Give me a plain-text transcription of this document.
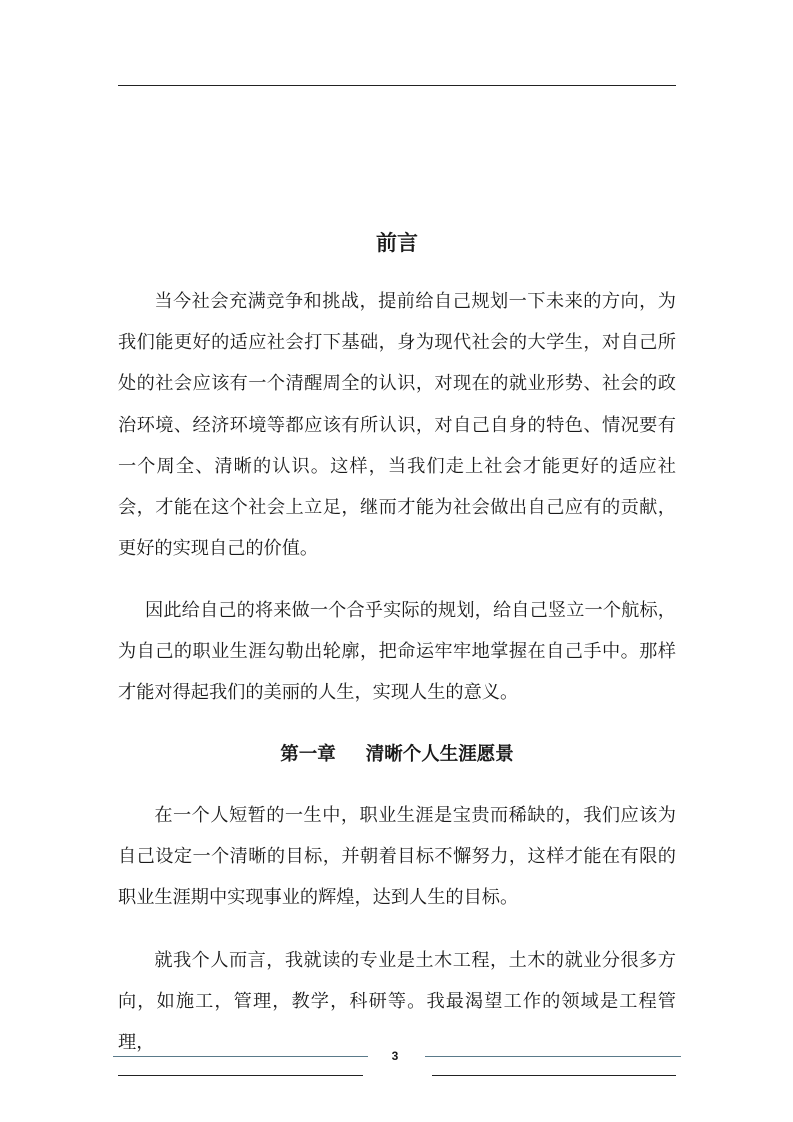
前言

当今社会充满竞争和挑战，提前给自己规划一下未来的方向，为我们能更好的适应社会打下基础，身为现代社会的大学生，对自己所处的社会应该有一个清醒周全的认识，对现在的就业形势、社会的政治环境、经济环境等都应该有所认识，对自己自身的特色、情况要有一个周全、清晰的认识。这样，当我们走上社会才能更好的适应社会，才能在这个社会上立足，继而才能为社会做出自己应有的贡献，更好的实现自己的价值。

因此给自己的将来做一个合乎实际的规划，给自己竖立一个航标，为自己的职业生涯勾勒出轮廓，把命运牢牢地掌握在自己手中。那样才能对得起我们的美丽的人生，实现人生的意义。

第一章 清晰个人生涯愿景

在一个人短暂的一生中，职业生涯是宝贵而稀缺的，我们应该为自己设定一个清晰的目标，并朝着目标不懈努力，这样才能在有限的职业生涯期中实现事业的辉煌，达到人生的目标。

就我个人而言，我就读的专业是土木工程，土木的就业分很多方向，如施工，管理，教学，科研等。我最渴望工作的领域是工程管理，

3
